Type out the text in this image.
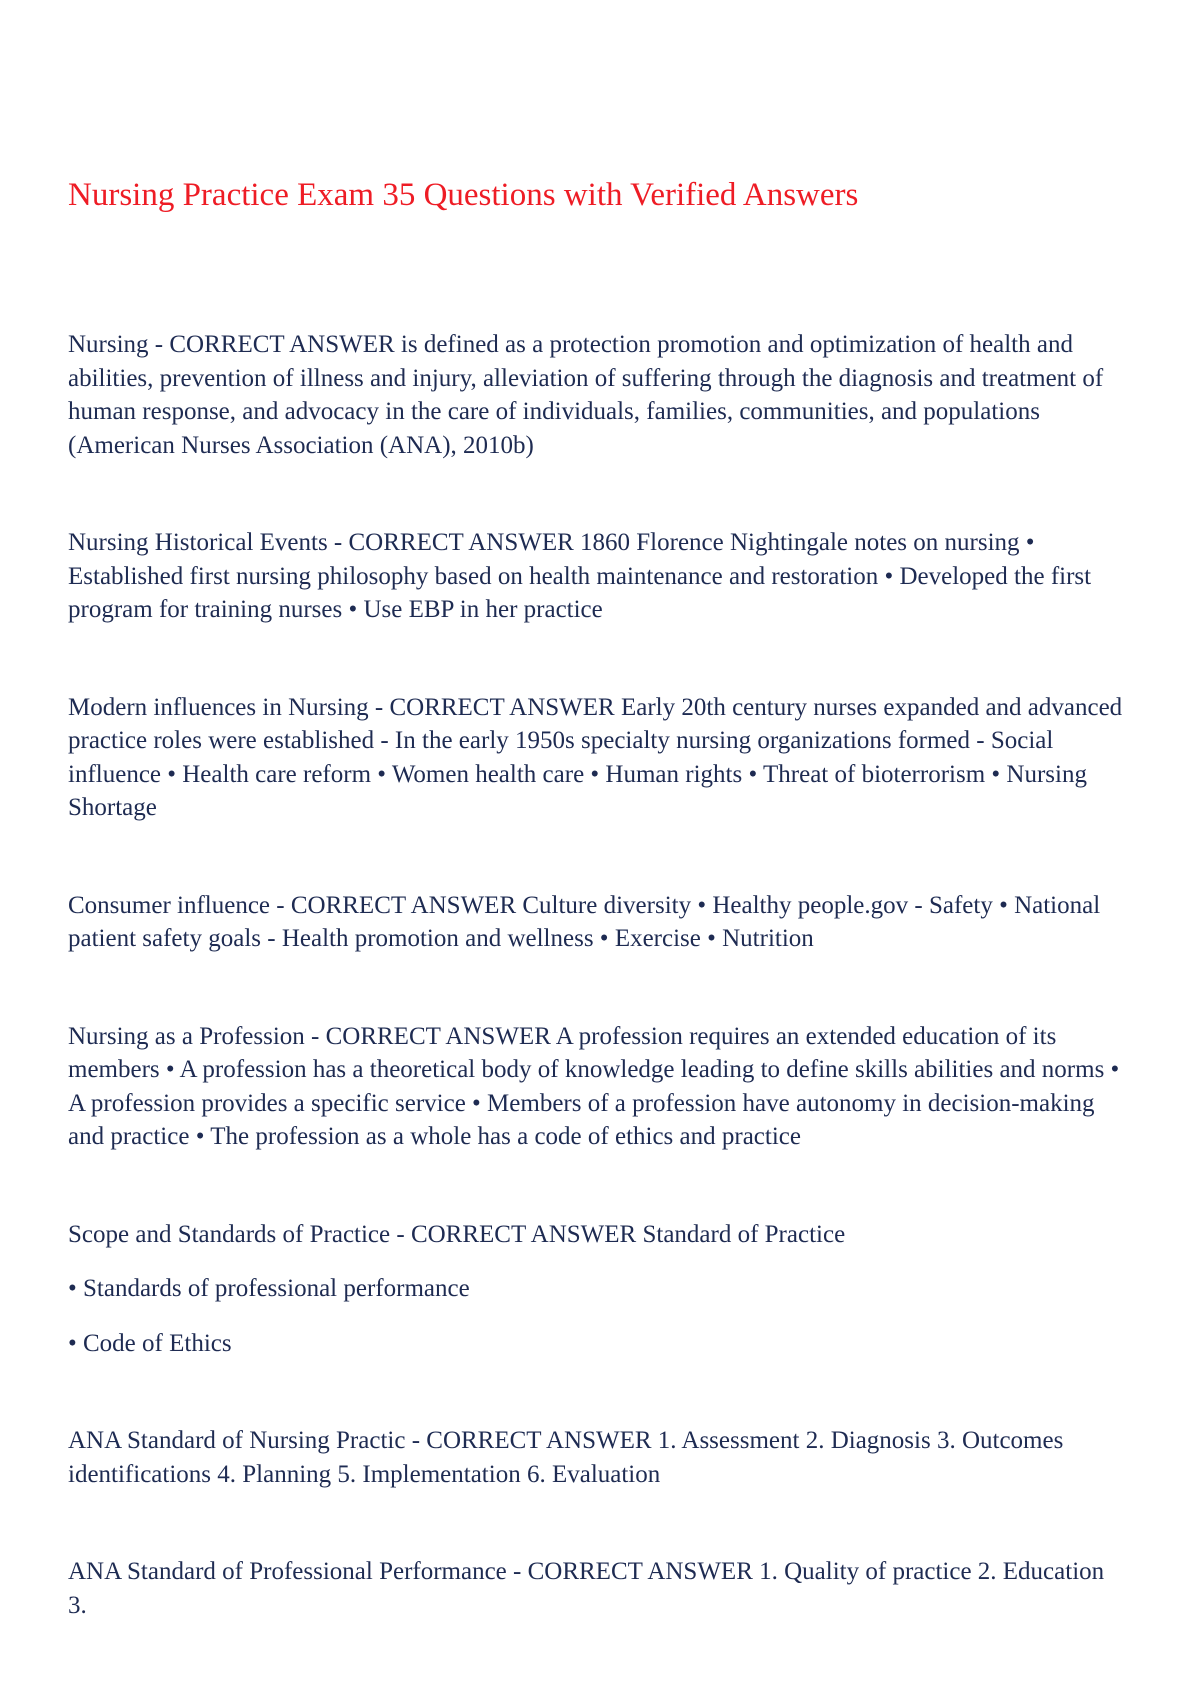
Nursing Practice Exam 35 Questions with Verified Answers

Nursing - CORRECT ANSWER is defined as a protection promotion and optimization of health and abilities, prevention of illness and injury, alleviation of suffering through the diagnosis and treatment of human response, and advocacy in the care of individuals, families, communities, and populations (American Nurses Association (ANA), 2010b)

Nursing Historical Events - CORRECT ANSWER 1860 Florence Nightingale notes on nursing • Established first nursing philosophy based on health maintenance and restoration • Developed the first program for training nurses • Use EBP in her practice

Modern influences in Nursing - CORRECT ANSWER Early 20th century nurses expanded and advanced practice roles were established - In the early 1950s specialty nursing organizations formed - Social influence • Health care reform • Women health care • Human rights • Threat of bioterrorism • Nursing Shortage

Consumer influence - CORRECT ANSWER Culture diversity • Healthy people.gov - Safety • National patient safety goals - Health promotion and wellness • Exercise • Nutrition

Nursing as a Profession - CORRECT ANSWER A profession requires an extended education of its members • A profession has a theoretical body of knowledge leading to define skills abilities and norms • A profession provides a specific service • Members of a profession have autonomy in decision-making and practice • The profession as a whole has a code of ethics and practice

Scope and Standards of Practice - CORRECT ANSWER Standard of Practice

• Standards of professional performance

• Code of Ethics

ANA Standard of Nursing Practic - CORRECT ANSWER 1. Assessment 2. Diagnosis 3. Outcomes identifications 4. Planning 5. Implementation 6. Evaluation

ANA Standard of Professional Performance - CORRECT ANSWER 1. Quality of practice 2. Education 3.
